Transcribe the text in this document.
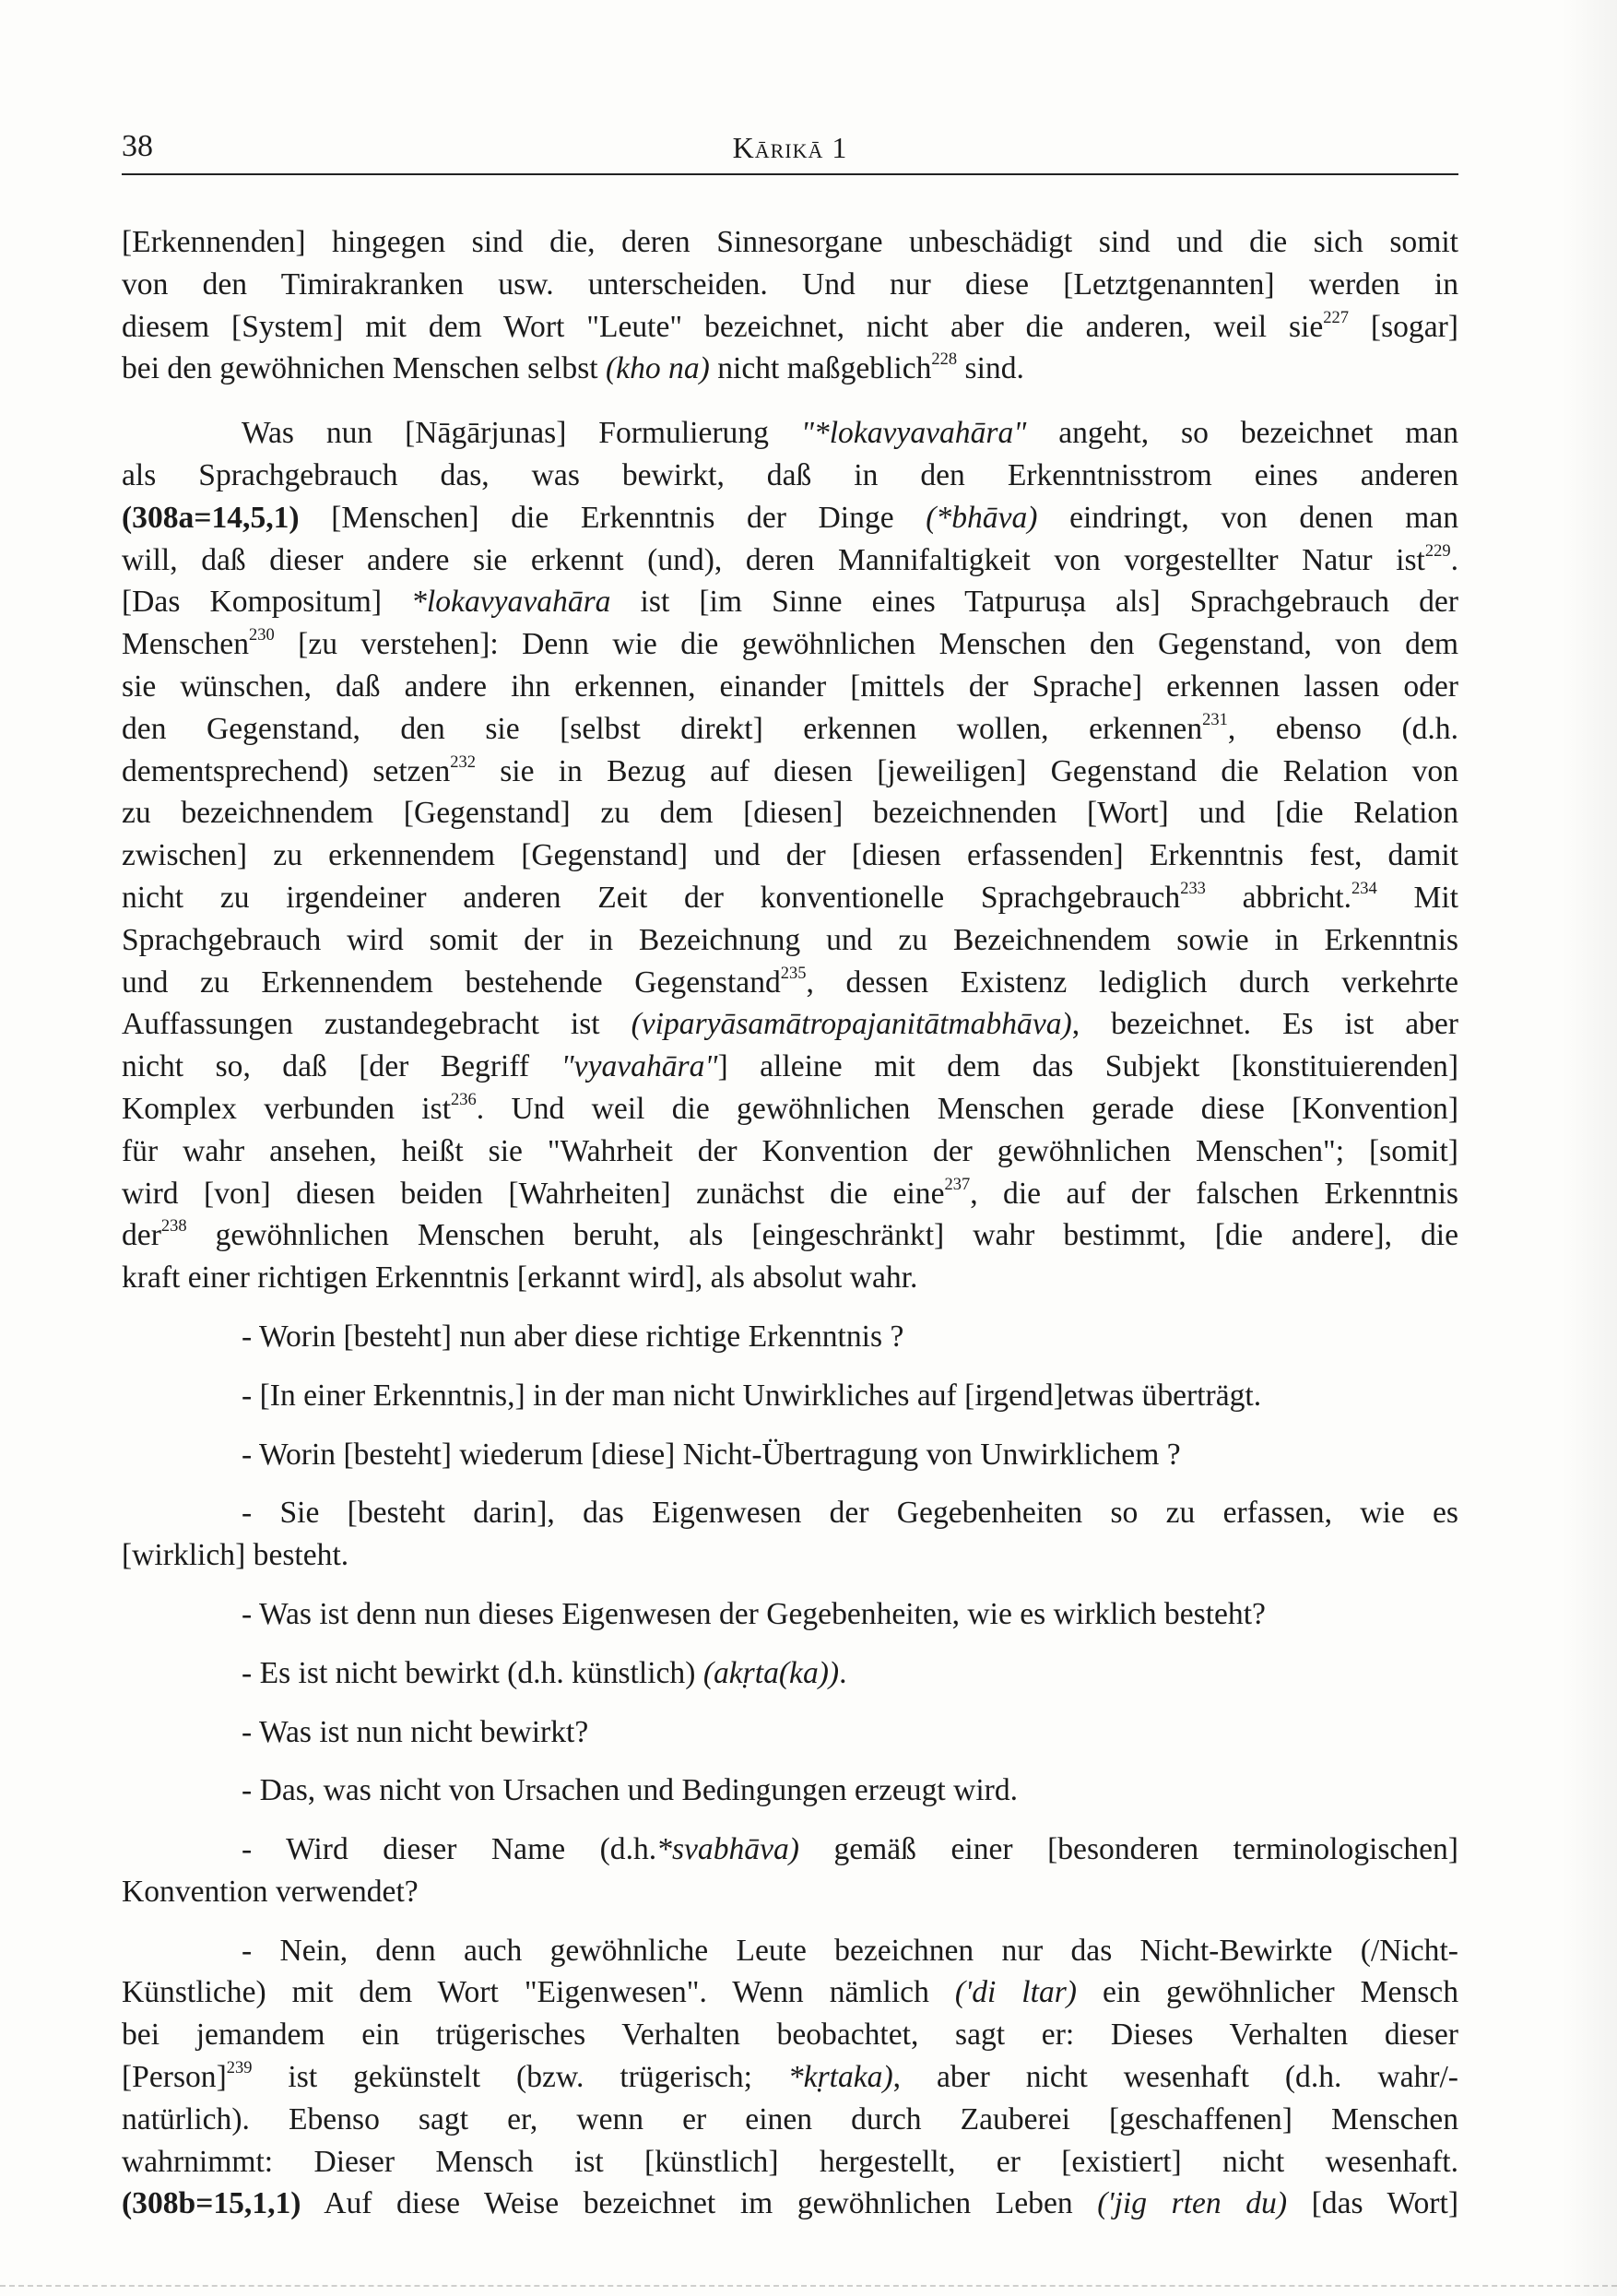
38	Kārikā 1
[Erkennenden] hingegen sind die, deren Sinnesorgane unbeschädigt sind und die sich somit
von den Timirakranken usw. unterscheiden. Und nur diese [Letztgenannten] werden in
diesem [System] mit dem Wort "Leute" bezeichnet, nicht aber die anderen, weil sie$^{227}$ [sogar]
bei den gewöhnichen Menschen selbst (kho na) nicht maßgeblich$^{228}$ sind.
Was nun [Nāgārjunas] Formulierung "*lokavyavahāra" angeht, so bezeichnet man
als Sprachgebrauch das, was bewirkt, daß in den Erkenntnisstrom eines anderen
(308a=14,5,1) [Menschen] die Erkenntnis der Dinge (*bhāva) eindringt, von denen man
will, daß dieser andere sie erkennt (und), deren Mannifaltigkeit von vorgestellter Natur ist$^{229}$.
[Das Kompositum] *lokavyavahāra ist [im Sinne eines Tatpuruṣa als] Sprachgebrauch der
Menschen$^{230}$ [zu verstehen]: Denn wie die gewöhnlichen Menschen den Gegenstand, von dem
sie wünschen, daß andere ihn erkennen, einander [mittels der Sprache] erkennen lassen oder
den Gegenstand, den sie [selbst direkt] erkennen wollen, erkennen$^{231}$, ebenso (d.h.
dementsprechend) setzen$^{232}$ sie in Bezug auf diesen [jeweiligen] Gegenstand die Relation von
zu bezeichnendem [Gegenstand] zu dem [diesen] bezeichnenden [Wort] und [die Relation
zwischen] zu erkennendem [Gegenstand] und der [diesen erfassenden] Erkenntnis fest, damit
nicht zu irgendeiner anderen Zeit der konventionelle Sprachgebrauch$^{233}$ abbricht.$^{234}$ Mit
Sprachgebrauch wird somit der in Bezeichnung und zu Bezeichnendem sowie in Erkenntnis
und zu Erkennendem bestehende Gegenstand$^{235}$, dessen Existenz lediglich durch verkehrte
Auffassungen zustandegebracht ist (viparyāsamātropajanitātmabhāva), bezeichnet. Es ist aber
nicht so, daß [der Begriff "vyavahāra"] alleine mit dem das Subjekt [konstituierenden]
Komplex verbunden ist$^{236}$. Und weil die gewöhnlichen Menschen gerade diese [Konvention]
für wahr ansehen, heißt sie "Wahrheit der Konvention der gewöhnlichen Menschen"; [somit]
wird [von] diesen beiden [Wahrheiten] zunächst die eine$^{237}$, die auf der falschen Erkenntnis
der$^{238}$ gewöhnlichen Menschen beruht, als [eingeschränkt] wahr bestimmt, [die andere], die
kraft einer richtigen Erkenntnis [erkannt wird], als absolut wahr.
- Worin [besteht] nun aber diese richtige Erkenntnis ?
- [In einer Erkenntnis,] in der man nicht Unwirkliches auf [irgend]etwas überträgt.
- Worin [besteht] wiederum [diese] Nicht-Übertragung von Unwirklichem ?
- Sie [besteht darin], das Eigenwesen der Gegebenheiten so zu erfassen, wie es
[wirklich] besteht.
- Was ist denn nun dieses Eigenwesen der Gegebenheiten, wie es wirklich besteht?
- Es ist nicht bewirkt (d.h. künstlich) (akṛta(ka)).
- Was ist nun nicht bewirkt?
- Das, was nicht von Ursachen und Bedingungen erzeugt wird.
- Wird dieser Name (d.h.*svabhāva) gemäß einer [besonderen terminologischen]
Konvention verwendet?
- Nein, denn auch gewöhnliche Leute bezeichnen nur das Nicht-Bewirkte (/Nicht-
Künstliche) mit dem Wort "Eigenwesen". Wenn nämlich ('di ltar) ein gewöhnlicher Mensch
bei jemandem ein trügerisches Verhalten beobachtet, sagt er: Dieses Verhalten dieser
[Person]$^{239}$ ist gekünstelt (bzw. trügerisch; *kṛtaka), aber nicht wesenhaft (d.h. wahr/-
natürlich). Ebenso sagt er, wenn er einen durch Zauberei [geschaffenen] Menschen
wahrnimmt: Dieser Mensch ist [künstlich] hergestellt, er [existiert] nicht wesenhaft.
(308b=15,1,1) Auf diese Weise bezeichnet im gewöhnlichen Leben ('jig rten du) [das Wort]
